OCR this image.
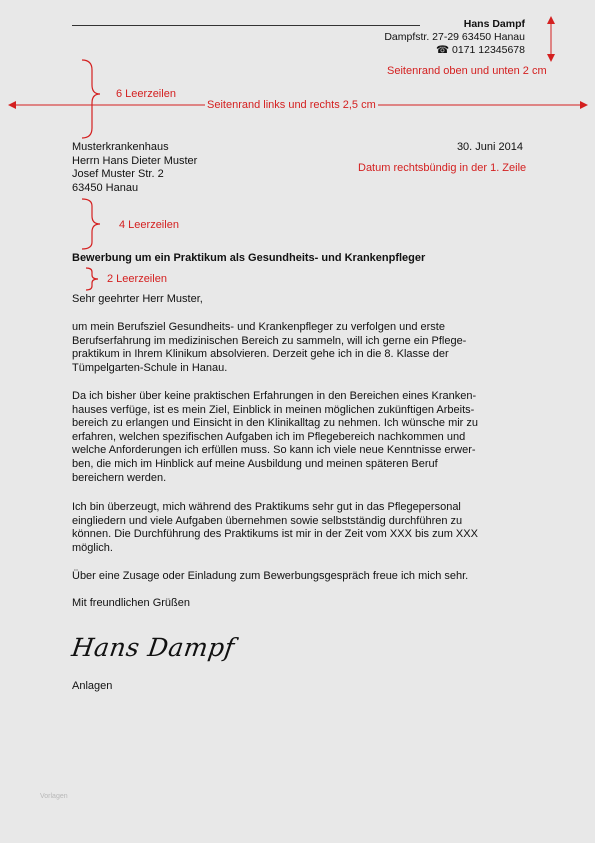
Hans Dampf
Dampfstr. 27-29 63450 Hanau
☎ 0171 12345678
Seitenrand oben und unten 2 cm
6 Leerzeilen
Seitenrand links und rechts 2,5 cm
Datum rechtsbündig in der 1. Zeile
4 Leerzeilen
2 Leerzeilen
Musterkrankenhaus
Herrn Hans Dieter Muster
Josef Muster Str. 2
63450 Hanau
30. Juni 2014
Bewerbung um ein Praktikum als Gesundheits- und Krankenpfleger
Sehr geehrter Herr Muster,
um mein Berufsziel Gesundheits- und Krankenpfleger zu verfolgen und erste
Berufserfahrung im medizinischen Bereich zu sammeln, will ich gerne ein Pflege-
praktikum in Ihrem Klinikum absolvieren. Derzeit gehe ich in die 8. Klasse der
Tümpelgarten-Schule in Hanau.
Da ich bisher über keine praktischen Erfahrungen in den Bereichen eines Kranken-
hauses verfüge, ist es mein Ziel, Einblick in meinen möglichen zukünftigen Arbeits-
bereich zu erlangen und Einsicht in den Klinikalltag zu nehmen. Ich wünsche mir zu
erfahren, welchen spezifischen Aufgaben ich im Pflegebereich nachkommen und
welche Anforderungen ich erfüllen muss. So kann ich viele neue Kenntnisse erwer-
ben, die mich im Hinblick auf meine Ausbildung und meinen späteren Beruf
bereichern werden.
Ich bin überzeugt, mich während des Praktikums sehr gut in das Pflegepersonal
eingliedern und viele Aufgaben übernehmen sowie selbstständig durchführen zu
können. Die Durchführung des Praktikums ist mir in der Zeit vom XXX bis zum XXX
möglich.
Über eine Zusage oder Einladung zum Bewerbungsgespräch freue ich mich sehr.
Mit freundlichen Grüßen
Hans Dampf
Anlagen
Vorlagen
